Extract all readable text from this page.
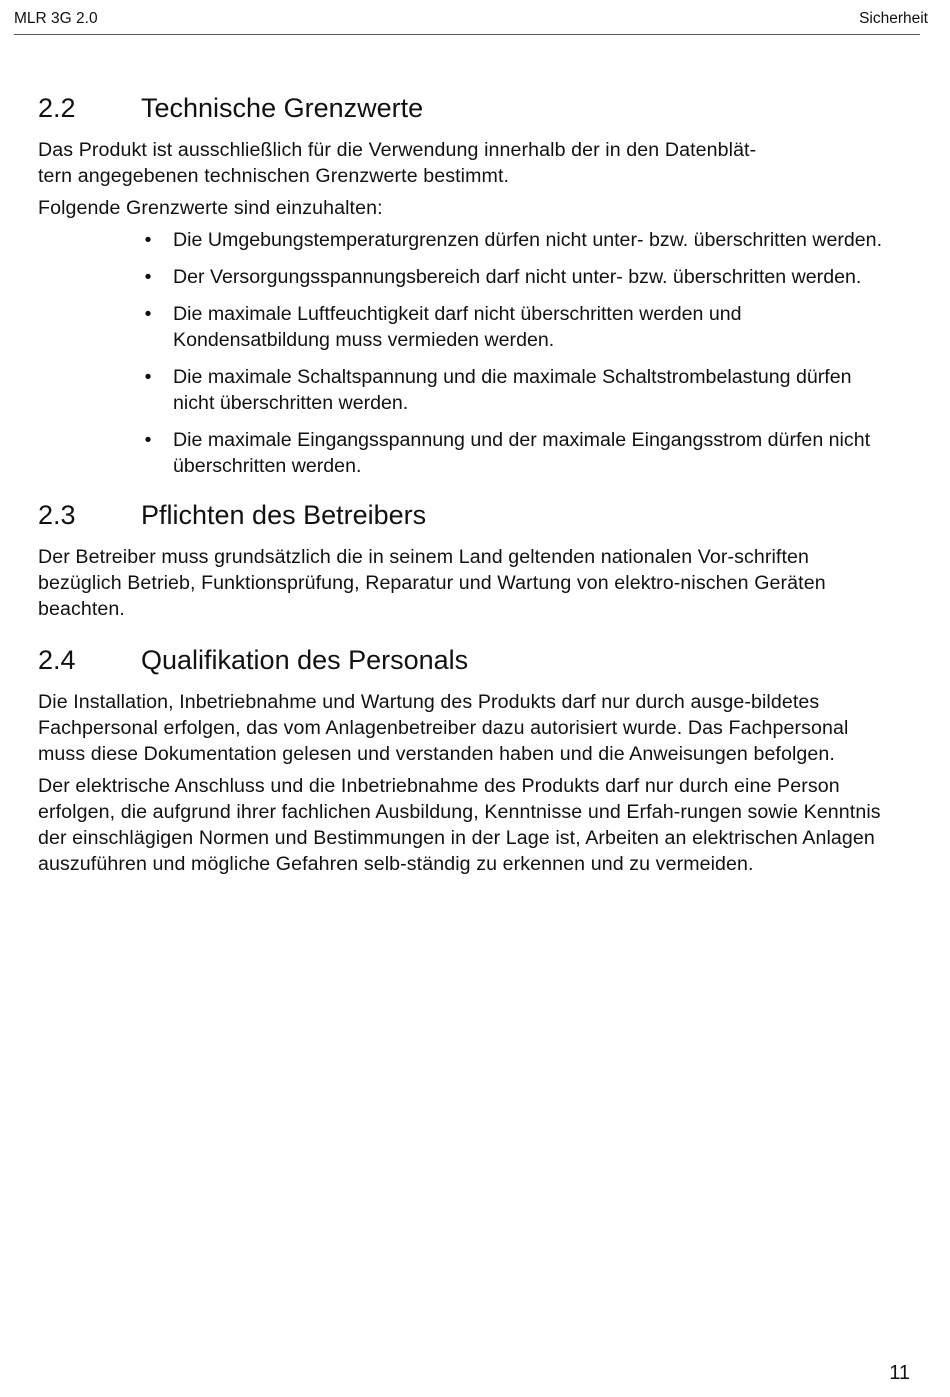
MLR 3G 2.0	Sicherheit
2.2	Technische Grenzwerte

Das Produkt ist ausschließlich für die Verwendung innerhalb der in den Datenblät-
tern angegebenen technischen Grenzwerte bestimmt.

Folgende Grenzwerte sind einzuhalten:

• Die Umgebungstemperaturgrenzen dürfen nicht unter- bzw. überschritten werden.
• Der Versorgungsspannungsbereich darf nicht unter- bzw. überschritten werden.
• Die maximale Luftfeuchtigkeit darf nicht überschritten werden und Kondensatbildung muss vermieden werden.
• Die maximale Schaltspannung und die maximale Schaltstrombelastung dürfen nicht überschritten werden.
• Die maximale Eingangsspannung und der maximale Eingangsstrom dürfen nicht überschritten werden.
2.3	Pflichten des Betreibers

Der Betreiber muss grundsätzlich die in seinem Land geltenden nationalen Vor-schriften bezüglich Betrieb, Funktionsprüfung, Reparatur und Wartung von elektro-nischen Geräten beachten.

2.4	Qualifikation des Personals

Die Installation, Inbetriebnahme und Wartung des Produkts darf nur durch ausge-bildetes Fachpersonal erfolgen, das vom Anlagenbetreiber dazu autorisiert wurde. Das Fachpersonal muss diese Dokumentation gelesen und verstanden haben und die Anweisungen befolgen.

Der elektrische Anschluss und die Inbetriebnahme des Produkts darf nur durch eine Person erfolgen, die aufgrund ihrer fachlichen Ausbildung, Kenntnisse und Erfah-rungen sowie Kenntnis der einschlägigen Normen und Bestimmungen in der Lage ist, Arbeiten an elektrischen Anlagen auszuführen und mögliche Gefahren selb-ständig zu erkennen und zu vermeiden.

11
